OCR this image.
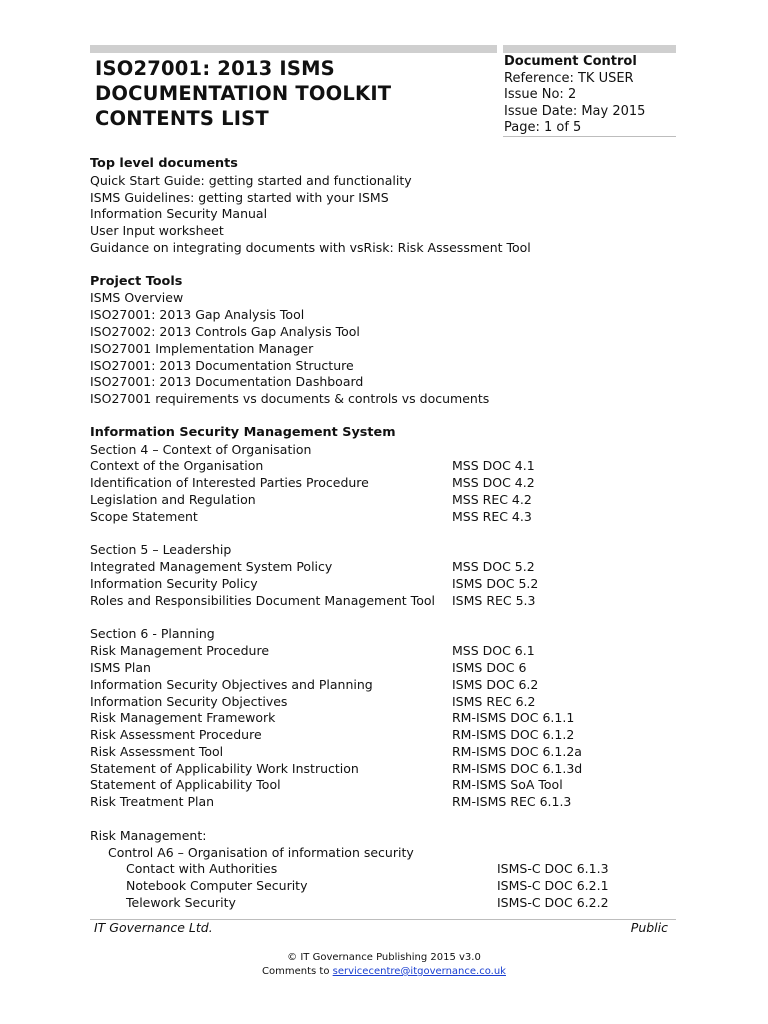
ISO27001: 2013 ISMS
DOCUMENTATION TOOLKIT
CONTENTS LIST
Document Control
Reference: TK USER
Issue No: 2
Issue Date: May 2015
Page: 1 of 5
Top level documents
Quick Start Guide: getting started and functionality
ISMS Guidelines: getting started with your ISMS
Information Security Manual
User Input worksheet
Guidance on integrating documents with vsRisk: Risk Assessment Tool
Project Tools
ISMS Overview
ISO27001: 2013 Gap Analysis Tool
ISO27002: 2013 Controls Gap Analysis Tool
ISO27001 Implementation Manager
ISO27001: 2013 Documentation Structure
ISO27001: 2013 Documentation Dashboard
ISO27001 requirements vs documents & controls vs documents
Information Security Management System
Section 4 – Context of Organisation
Context of the Organisation	MSS DOC 4.1
Identification of Interested Parties Procedure	MSS DOC 4.2
Legislation and Regulation	MSS REC 4.2
Scope Statement	MSS REC 4.3
Section 5 – Leadership
Integrated Management System Policy	MSS DOC 5.2
Information Security Policy	ISMS DOC 5.2
Roles and Responsibilities Document Management Tool ISMS REC 5.3
Section 6 - Planning
Risk Management Procedure	MSS DOC 6.1
ISMS Plan	ISMS DOC 6
Information Security Objectives and Planning	ISMS DOC 6.2
Information Security Objectives	ISMS REC 6.2
Risk Management Framework	RM-ISMS DOC 6.1.1
Risk Assessment Procedure	RM-ISMS DOC 6.1.2
Risk Assessment Tool	RM-ISMS DOC 6.1.2a
Statement of Applicability Work Instruction	RM-ISMS DOC 6.1.3d
Statement of Applicability Tool	RM-ISMS SoA Tool
Risk Treatment Plan	RM-ISMS REC 6.1.3
Risk Management:
Control A6 – Organisation of information security
Contact with Authorities	ISMS-C DOC 6.1.3
Notebook Computer Security	ISMS-C DOC 6.2.1
Telework Security	ISMS-C DOC 6.2.2
IT Governance Ltd.	Public
© IT Governance Publishing 2015 v3.0
Comments to servicecentre@itgovernance.co.uk
